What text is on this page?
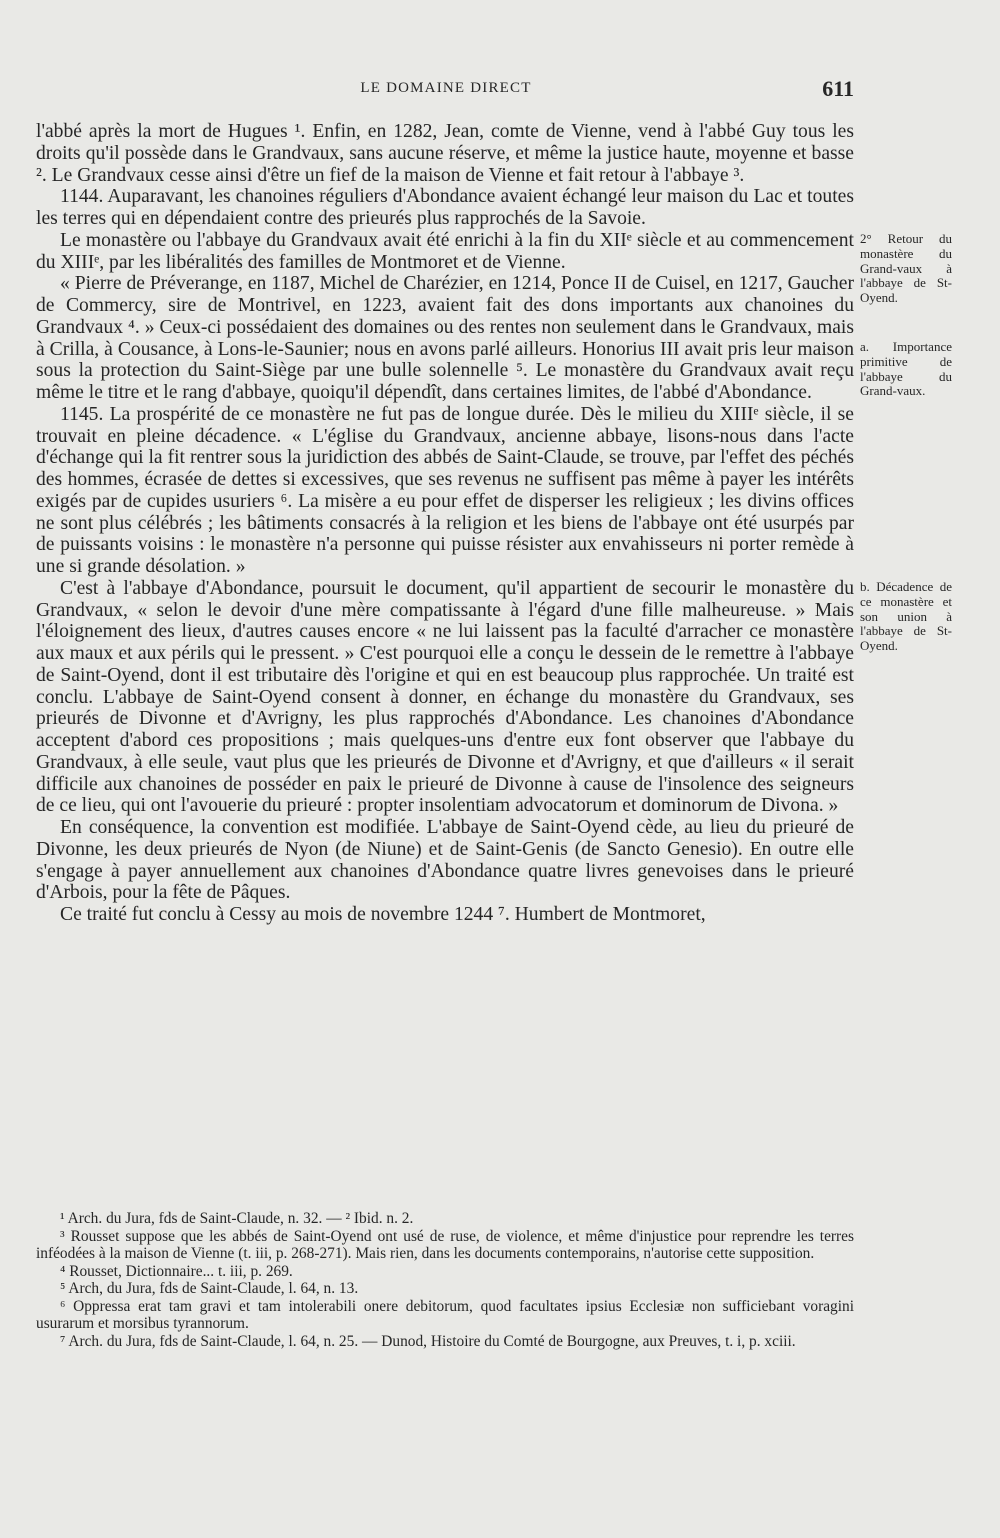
LE DOMAINE DIRECT	611

l'abbé après la mort de Hugues ¹. Enfin, en 1282, Jean, comte de Vienne, vend à l'abbé Guy tous les droits qu'il possède dans le Grandvaux, sans aucune réserve, et même la justice haute, moyenne et basse ². Le Grandvaux cesse ainsi d'être un fief de la maison de Vienne et fait retour à l'abbaye ³.

1144. Auparavant, les chanoines réguliers d'Abondance avaient échangé leur maison du Lac et toutes les terres qui en dépendaient contre des prieurés plus rapprochés de la Savoie.

Le monastère ou l'abbaye du Grandvaux avait été enrichi à la fin du XIIᵉ siècle et au commencement du XIIIᵉ, par les libéralités des familles de Montmoret et de Vienne.

« Pierre de Préverange, en 1187, Michel de Charézier, en 1214, Ponce II de Cuisel, en 1217, Gaucher de Commercy, sire de Montrivel, en 1223, avaient fait des dons importants aux chanoines du Grandvaux ⁴. » Ceux-ci possédaient des domaines ou des rentes non seulement dans le Grandvaux, mais à Crilla, à Cousance, à Lons-le-Saunier; nous en avons parlé ailleurs. Honorius III avait pris leur maison sous la protection du Saint-Siège par une bulle solennelle ⁵. Le monastère du Grandvaux avait reçu même le titre et le rang d'abbaye, quoiqu'il dépendît, dans certaines limites, de l'abbé d'Abondance.

1145. La prospérité de ce monastère ne fut pas de longue durée. Dès le milieu du XIIIᵉ siècle, il se trouvait en pleine décadence. « L'église du Grandvaux, ancienne abbaye, lisons-nous dans l'acte d'échange qui la fit rentrer sous la juridiction des abbés de Saint-Claude, se trouve, par l'effet des péchés des hommes, écrasée de dettes si excessives, que ses revenus ne suffisent pas même à payer les intérêts exigés par de cupides usuriers ⁶. La misère a eu pour effet de disperser les religieux ; les divins offices ne sont plus célébrés ; les bâtiments consacrés à la religion et les biens de l'abbaye ont été usurpés par de puissants voisins : le monastère n'a personne qui puisse résister aux envahisseurs ni porter remède à une si grande désolation. »

C'est à l'abbaye d'Abondance, poursuit le document, qu'il appartient de secourir le monastère du Grandvaux, « selon le devoir d'une mère compatissante à l'égard d'une fille malheureuse. » Mais l'éloignement des lieux, d'autres causes encore « ne lui laissent pas la faculté d'arracher ce monastère aux maux et aux périls qui le pressent. » C'est pourquoi elle a conçu le dessein de le remettre à l'abbaye de Saint-Oyend, dont il est tributaire dès l'origine et qui en est beaucoup plus rapprochée. Un traité est conclu. L'abbaye de Saint-Oyend consent à donner, en échange du monastère du Grandvaux, ses prieurés de Divonne et d'Avrigny, les plus rapprochés d'Abondance. Les chanoines d'Abondance acceptent d'abord ces propositions ; mais quelques-uns d'entre eux font observer que l'abbaye du Grandvaux, à elle seule, vaut plus que les prieurés de Divonne et d'Avrigny, et que d'ailleurs « il serait difficile aux chanoines de posséder en paix le prieuré de Divonne à cause de l'insolence des seigneurs de ce lieu, qui ont l'avouerie du prieuré : propter insolentiam advocatorum et dominorum de Divona. »

En conséquence, la convention est modifiée. L'abbaye de Saint-Oyend cède, au lieu du prieuré de Divonne, les deux prieurés de Nyon (de Niune) et de Saint-Genis (de Sancto Genesio). En outre elle s'engage à payer annuellement aux chanoines d'Abondance quatre livres genevoises dans le prieuré d'Arbois, pour la fête de Pâques.

Ce traité fut conclu à Cessy au mois de novembre 1244 ⁷. Humbert de Montmoret,

2° Retour du monastère du Grand-vaux à l'abbaye de St-Oyend.
a. Importance primitive de l'abbaye du Grand-vaux.
b. Décadence de ce monastère et son union à l'abbaye de St-Oyend.

¹ Arch. du Jura, fds de Saint-Claude, n. 32. — ² Ibid. n. 2.

³ Rousset suppose que les abbés de Saint-Oyend ont usé de ruse, de violence, et même d'injustice pour reprendre les terres inféodées à la maison de Vienne (t. iii, p. 268-271). Mais rien, dans les documents contemporains, n'autorise cette supposition.

⁴ Rousset, Dictionnaire... t. iii, p. 269.

⁵ Arch, du Jura, fds de Saint-Claude, l. 64, n. 13.

⁶ Oppressa erat tam gravi et tam intolerabili onere debitorum, quod facultates ipsius Ecclesiæ non sufficiebant voragini usurarum et morsibus tyrannorum.

⁷ Arch. du Jura, fds de Saint-Claude, l. 64, n. 25. — Dunod, Histoire du Comté de Bourgogne, aux Preuves, t. i, p. xciii.
